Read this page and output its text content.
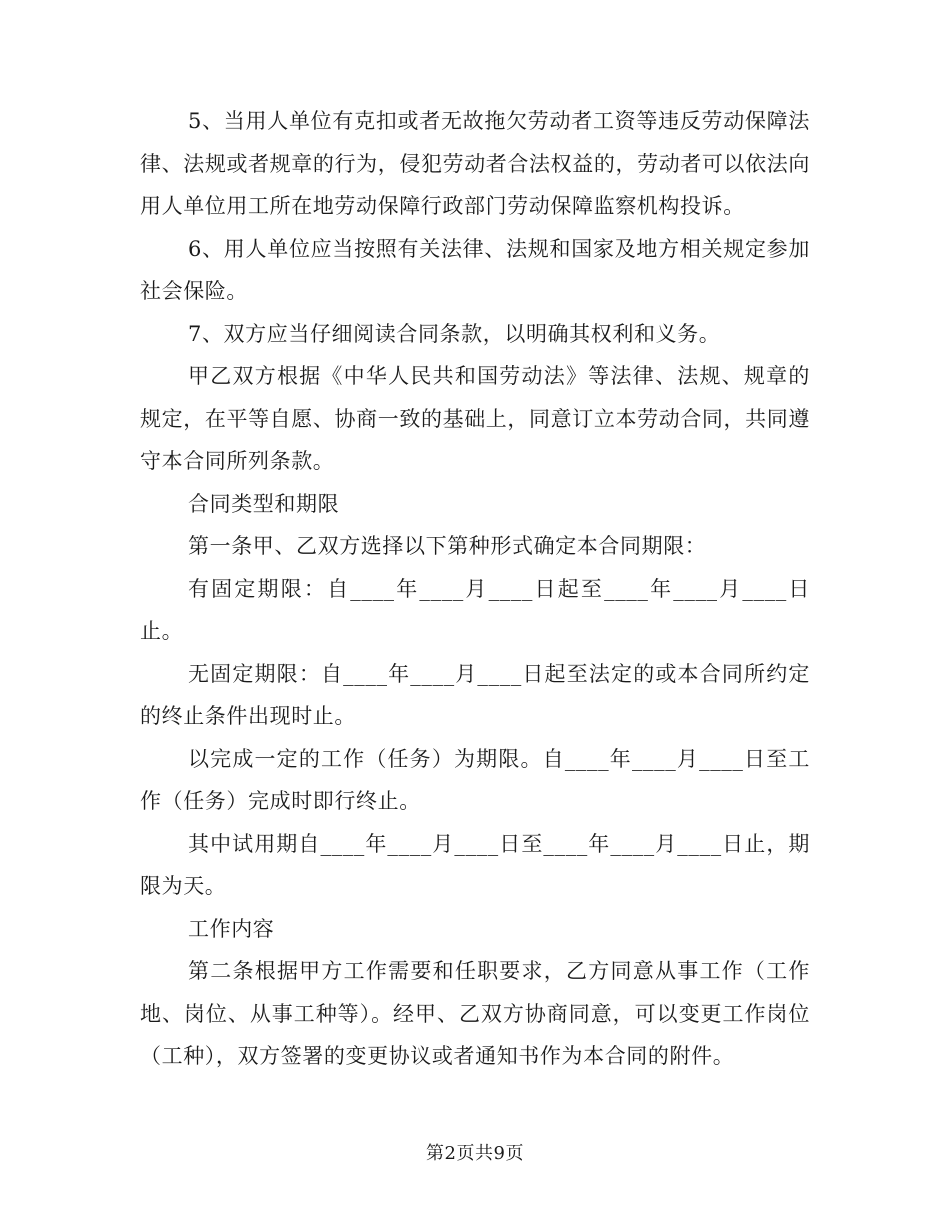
5、当用人单位有克扣或者无故拖欠劳动者工资等违反劳动保障法律、法规或者规章的行为，侵犯劳动者合法权益的，劳动者可以依法向用人单位用工所在地劳动保障行政部门劳动保障监察机构投诉。

6、用人单位应当按照有关法律、法规和国家及地方相关规定参加社会保险。

7、双方应当仔细阅读合同条款，以明确其权利和义务。

甲乙双方根据《中华人民共和国劳动法》等法律、法规、规章的规定，在平等自愿、协商一致的基础上，同意订立本劳动合同，共同遵守本合同所列条款。

合同类型和期限

第一条甲、乙双方选择以下第种形式确定本合同期限：

有固定期限：自____年____月____日起至____年____月____日止。

无固定期限：自____年____月____日起至法定的或本合同所约定的终止条件出现时止。

以完成一定的工作（任务）为期限。自____年____月____日至工作（任务）完成时即行终止。

其中试用期自____年____月____日至____年____月____日止，期限为天。

工作内容

第二条根据甲方工作需要和任职要求，乙方同意从事工作（工作地、岗位、从事工种等）。经甲、乙双方协商同意，可以变更工作岗位（工种），双方签署的变更协议或者通知书作为本合同的附件。

第2页共9页
